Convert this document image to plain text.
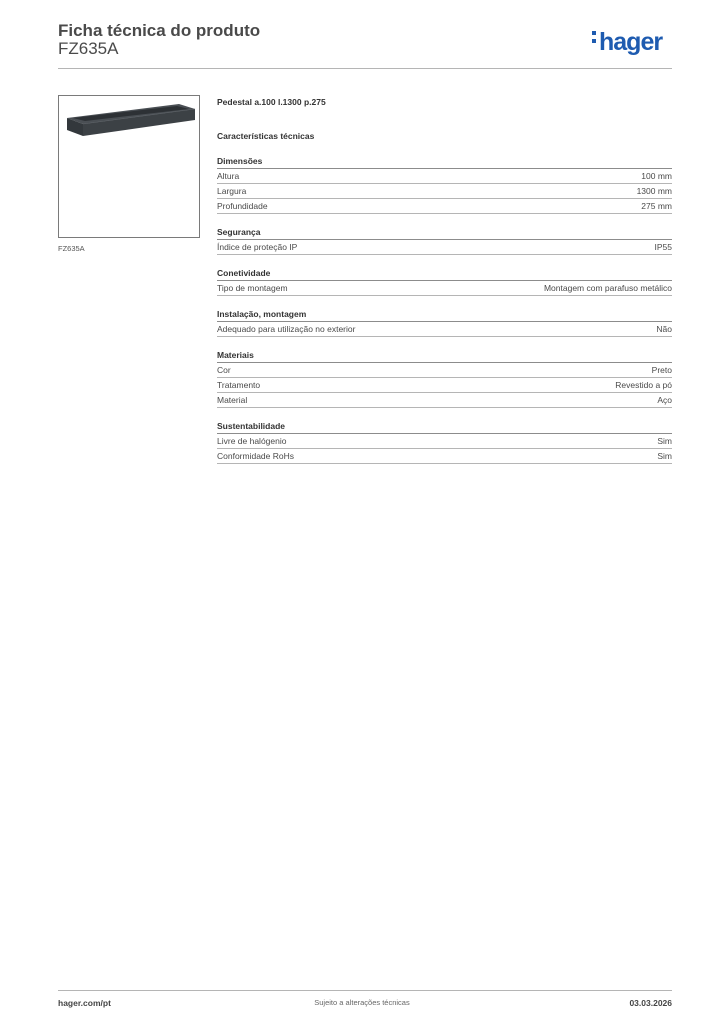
Ficha técnica do produto
FZ635A	hager
FZ635A
Pedestal a.100 l.1300 p.275
Características técnicas
Dimensões
Altura	100 mm
Largura	1300 mm
Profundidade	275 mm
Segurança
Índice de proteção IP	IP55
Conetividade
Tipo de montagem	Montagem com parafuso metálico
Instalação, montagem
Adequado para utilização no exterior	Não
Materiais
Cor	Preto
Tratamento	Revestido a pó
Material	Aço
Sustentabilidade
Livre de halógenio	Sim
Conformidade RoHs	Sim
hager.com/pt	Sujeito a alterações técnicas	03.03.2026
